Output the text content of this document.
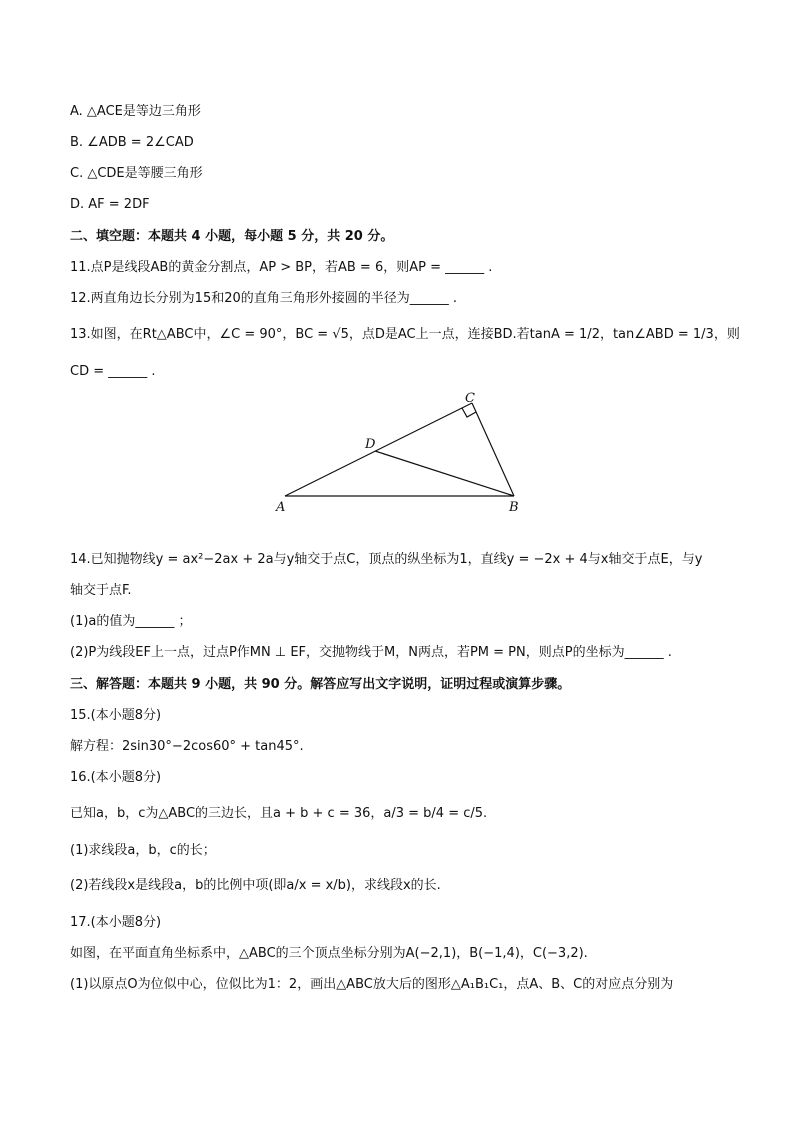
A. △ACE是等边三角形
B. ∠ADB = 2∠CAD
C. △CDE是等腰三角形
D. AF = 2DF
二、填空题：本题共 4 小题，每小题 5 分，共 20 分。
11.点P是线段AB的黄金分割点，AP > BP，若AB = 6，则AP = ______ .
12.两直角边长分别为15和20的直角三角形外接圆的半径为______ .
13.如图，在Rt△ABC中，∠C = 90°，BC = √5，点D是AC上一点，连接BD.若tanA = 1/2，tan∠ABD = 1/3，则
CD = ______ .
A	B
C
D
14.已知抛物线y = ax²−2ax + 2a与y轴交于点C，顶点的纵坐标为1，直线y = −2x + 4与x轴交于点E，与y
轴交于点F.
(1)a的值为______ ；
(2)P为线段EF上一点，过点P作MN ⊥ EF，交抛物线于M，N两点，若PM = PN，则点P的坐标为______ .
三、解答题：本题共 9 小题，共 90 分。解答应写出文字说明，证明过程或演算步骤。
15.(本小题8分)
解方程：2sin30°−2cos60° + tan45°.
16.(本小题8分)
已知a，b，c为△ABC的三边长，且a + b + c = 36，a/3 = b/4 = c/5.
(1)求线段a，b，c的长；
(2)若线段x是线段a，b的比例中项(即a/x = x/b)，求线段x的长.
17.(本小题8分)
如图，在平面直角坐标系中，△ABC的三个顶点坐标分别为A(−2,1)，B(−1,4)，C(−3,2).
(1)以原点O为位似中心，位似比为1：2，画出△ABC放大后的图形△A₁B₁C₁，点A、B、C的对应点分别为
